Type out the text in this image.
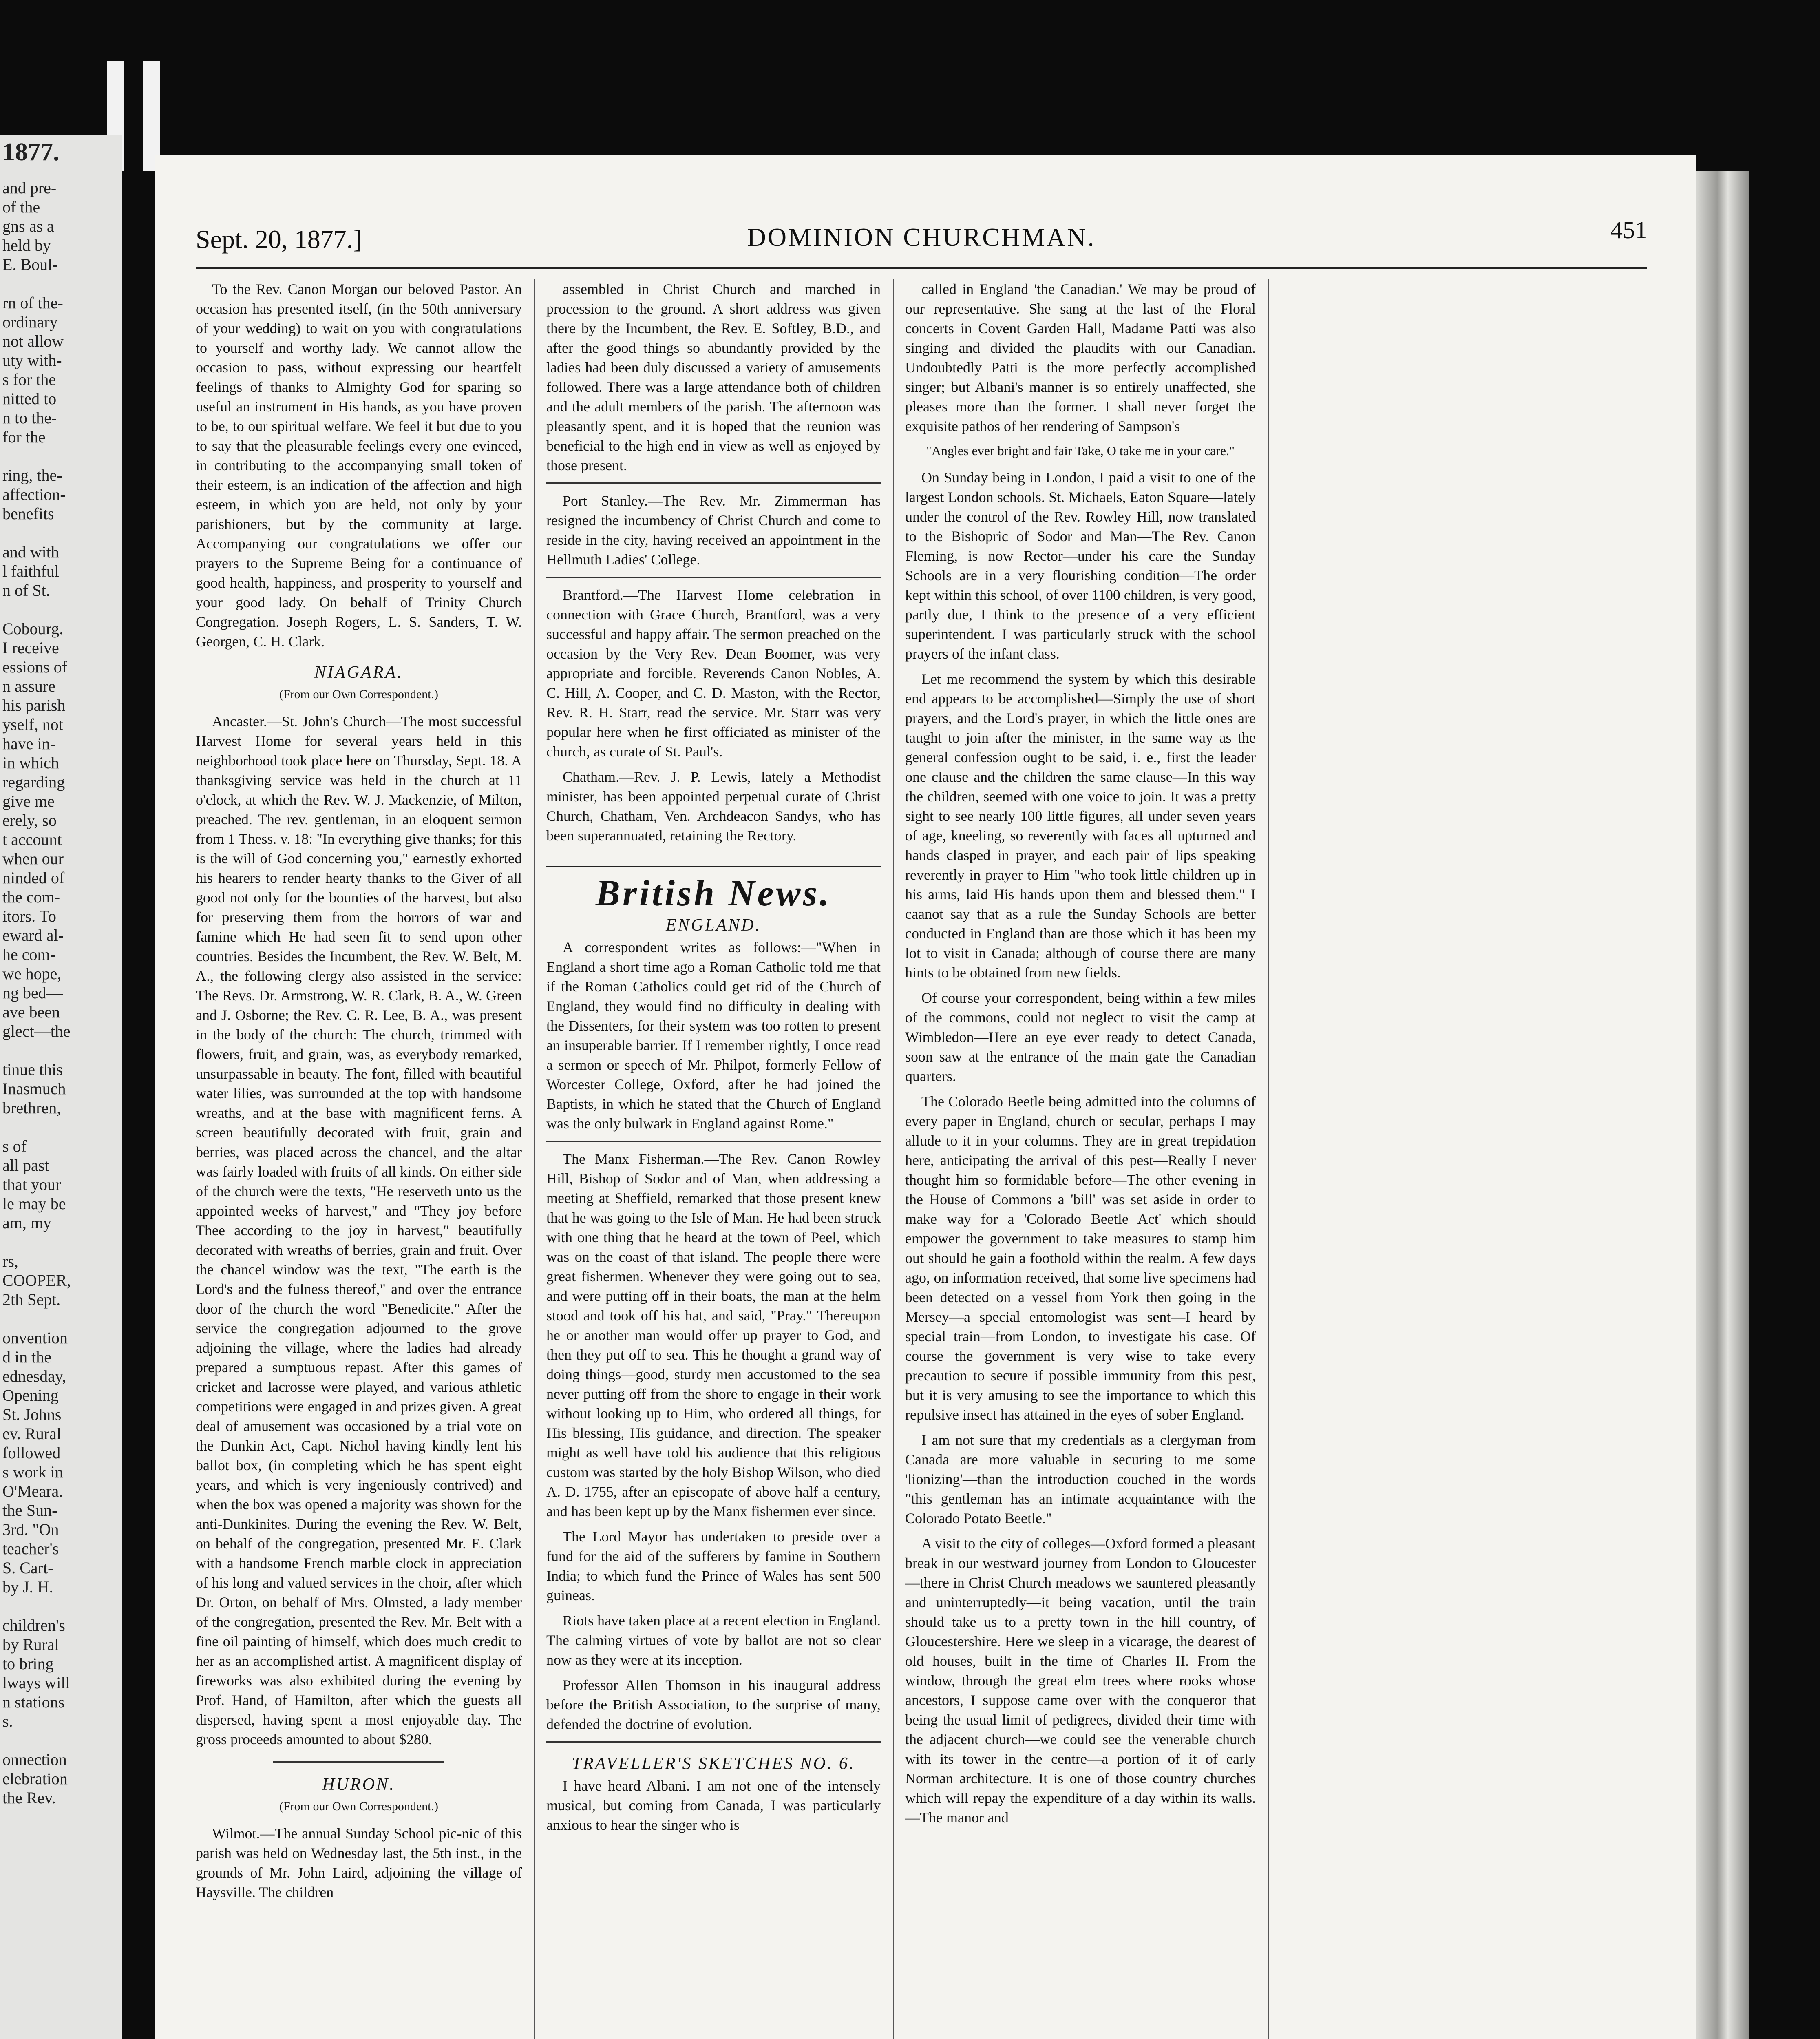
1877.
and pre-
of the
gns as a
held by
E. Boul-

rn of the-
ordinary
not allow
uty with-
s for the
nitted to
n to the-
for the

ring, the-
affection-
benefits

and with
l faithful
n of St.

Cobourg.
I receive
essions of
n assure
his parish
yself, not
have in-
in which
regarding
give me
erely, so
t account
when our
ninded of
the com-
itors. To
eward al-
he com-
we hope,
ng bed—
ave been
glect—the

tinue this
Inasmuch
brethren,

s of
all past
that your
le may be
am, my

rs,
COOPER,
2th Sept.

onvention
d in the
ednesday,
Opening
St. Johns
ev. Rural
followed
s work in
O'Meara.
the Sun-
3rd. "On
teacher's
S. Cart-
by J. H.

children's
by Rural
to bring
lways will
n stations
s.

onnection
elebration
the Rev.
Sept. 20, 1877.]	DOMINION CHURCHMAN.	451

To the Rev. Canon Morgan our beloved Pastor. An occasion has presented itself, (in the 50th anniversary of your wedding) to wait on you with congratulations to yourself and worthy lady. We cannot allow the occasion to pass, without expressing our heartfelt feelings of thanks to Almighty God for sparing so useful an instrument in His hands, as you have proven to be, to our spiritual welfare. We feel it but due to you to say that the pleasurable feelings every one evinced, in contributing to the accompanying small token of their esteem, is an indication of the affection and high esteem, in which you are held, not only by your parishioners, but by the community at large. Accompanying our congratulations we offer our prayers to the Supreme Being for a continuance of good health, happiness, and prosperity to yourself and your good lady. On behalf of Trinity Church Congregation. Joseph Rogers, L. S. Sanders, T. W. Georgen, C. H. Clark.

NIAGARA.

(From our Own Correspondent.)

Ancaster.—St. John's Church—The most successful Harvest Home for several years held in this neighborhood took place here on Thursday, Sept. 18. A thanksgiving service was held in the church at 11 o'clock, at which the Rev. W. J. Mackenzie, of Milton, preached. The rev. gentleman, in an eloquent sermon from 1 Thess. v. 18: "In everything give thanks; for this is the will of God concerning you," earnestly exhorted his hearers to render hearty thanks to the Giver of all good not only for the bounties of the harvest, but also for preserving them from the horrors of war and famine which He had seen fit to send upon other countries. Besides the Incumbent, the Rev. W. Belt, M. A., the following clergy also assisted in the service: The Revs. Dr. Armstrong, W. R. Clark, B. A., W. Green and J. Osborne; the Rev. C. R. Lee, B. A., was present in the body of the church: The church, trimmed with flowers, fruit, and grain, was, as everybody remarked, unsurpassable in beauty. The font, filled with beautiful water lilies, was surrounded at the top with handsome wreaths, and at the base with magnificent ferns. A screen beautifully decorated with fruit, grain and berries, was placed across the chancel, and the altar was fairly loaded with fruits of all kinds. On either side of the church were the texts, "He reserveth unto us the appointed weeks of harvest," and "They joy before Thee according to the joy in harvest," beautifully decorated with wreaths of berries, grain and fruit. Over the chancel window was the text, "The earth is the Lord's and the fulness thereof," and over the entrance door of the church the word "Benedicite." After the service the congregation adjourned to the grove adjoining the village, where the ladies had already prepared a sumptuous repast. After this games of cricket and lacrosse were played, and various athletic competitions were engaged in and prizes given. A great deal of amusement was occasioned by a trial vote on the Dunkin Act, Capt. Nichol having kindly lent his ballot box, (in completing which he has spent eight years, and which is very ingeniously contrived) and when the box was opened a majority was shown for the anti-Dunkinites. During the evening the Rev. W. Belt, on behalf of the congregation, presented Mr. E. Clark with a handsome French marble clock in appreciation of his long and valued services in the choir, after which Dr. Orton, on behalf of Mrs. Olmsted, a lady member of the congregation, presented the Rev. Mr. Belt with a fine oil painting of himself, which does much credit to her as an accomplished artist. A magnificent display of fireworks was also exhibited during the evening by Prof. Hand, of Hamilton, after which the guests all dispersed, having spent a most enjoyable day. The gross proceeds amounted to about $280.

HURON.

(From our Own Correspondent.)

Wilmot.—The annual Sunday School pic-nic of this parish was held on Wednesday last, the 5th inst., in the grounds of Mr. John Laird, adjoining the village of Haysville. The children

assembled in Christ Church and marched in procession to the ground. A short address was given there by the Incumbent, the Rev. E. Softley, B.D., and after the good things so abundantly provided by the ladies had been duly discussed a variety of amusements followed. There was a large attendance both of children and the adult members of the parish. The afternoon was pleasantly spent, and it is hoped that the reunion was beneficial to the high end in view as well as enjoyed by those present.

Port Stanley.—The Rev. Mr. Zimmerman has resigned the incumbency of Christ Church and come to reside in the city, having received an appointment in the Hellmuth Ladies' College.

Brantford.—The Harvest Home celebration in connection with Grace Church, Brantford, was a very successful and happy affair. The sermon preached on the occasion by the Very Rev. Dean Boomer, was very appropriate and forcible. Reverends Canon Nobles, A. C. Hill, A. Cooper, and C. D. Maston, with the Rector, Rev. R. H. Starr, read the service. Mr. Starr was very popular here when he first officiated as minister of the church, as curate of St. Paul's.

Chatham.—Rev. J. P. Lewis, lately a Methodist minister, has been appointed perpetual curate of Christ Church, Chatham, Ven. Archdeacon Sandys, who has been superannuated, retaining the Rectory.

British News.

ENGLAND.

A correspondent writes as follows:—"When in England a short time ago a Roman Catholic told me that if the Roman Catholics could get rid of the Church of England, they would find no difficulty in dealing with the Dissenters, for their system was too rotten to present an insuperable barrier. If I remember rightly, I once read a sermon or speech of Mr. Philpot, formerly Fellow of Worcester College, Oxford, after he had joined the Baptists, in which he stated that the Church of England was the only bulwark in England against Rome."

The Manx Fisherman.—The Rev. Canon Rowley Hill, Bishop of Sodor and of Man, when addressing a meeting at Sheffield, remarked that those present knew that he was going to the Isle of Man. He had been struck with one thing that he heard at the town of Peel, which was on the coast of that island. The people there were great fishermen. Whenever they were going out to sea, and were putting off in their boats, the man at the helm stood and took off his hat, and said, "Pray." Thereupon he or another man would offer up prayer to God, and then they put off to sea. This he thought a grand way of doing things—good, sturdy men accustomed to the sea never putting off from the shore to engage in their work without looking up to Him, who ordered all things, for His blessing, His guidance, and direction. The speaker might as well have told his audience that this religious custom was started by the holy Bishop Wilson, who died A. D. 1755, after an episcopate of above half a century, and has been kept up by the Manx fishermen ever since.

The Lord Mayor has undertaken to preside over a fund for the aid of the sufferers by famine in Southern India; to which fund the Prince of Wales has sent 500 guineas.

Riots have taken place at a recent election in England. The calming virtues of vote by ballot are not so clear now as they were at its inception.

Professor Allen Thomson in his inaugural address before the British Association, to the surprise of many, defended the doctrine of evolution.

TRAVELLER'S SKETCHES NO. 6.

I have heard Albani. I am not one of the intensely musical, but coming from Canada, I was particularly anxious to hear the singer who is

called in England 'the Canadian.' We may be proud of our representative. She sang at the last of the Floral concerts in Covent Garden Hall, Madame Patti was also singing and divided the plaudits with our Canadian. Undoubtedly Patti is the more perfectly accomplished singer; but Albani's manner is so entirely unaffected, she pleases more than the former. I shall never forget the exquisite pathos of her rendering of Sampson's

"Angles ever bright and fair Take, O take me in your care."

On Sunday being in London, I paid a visit to one of the largest London schools. St. Michaels, Eaton Square—lately under the control of the Rev. Rowley Hill, now translated to the Bishopric of Sodor and Man—The Rev. Canon Fleming, is now Rector—under his care the Sunday Schools are in a very flourishing condition—The order kept within this school, of over 1100 children, is very good, partly due, I think to the presence of a very efficient superintendent. I was particularly struck with the school prayers of the infant class.

Let me recommend the system by which this desirable end appears to be accomplished—Simply the use of short prayers, and the Lord's prayer, in which the little ones are taught to join after the minister, in the same way as the general confession ought to be said, i. e., first the leader one clause and the children the same clause—In this way the children, seemed with one voice to join. It was a pretty sight to see nearly 100 little figures, all under seven years of age, kneeling, so reverently with faces all upturned and hands clasped in prayer, and each pair of lips speaking reverently in prayer to Him "who took little children up in his arms, laid His hands upon them and blessed them." I caanot say that as a rule the Sunday Schools are better conducted in England than are those which it has been my lot to visit in Canada; although of course there are many hints to be obtained from new fields.

Of course your correspondent, being within a few miles of the commons, could not neglect to visit the camp at Wimbledon—Here an eye ever ready to detect Canada, soon saw at the entrance of the main gate the Canadian quarters.

The Colorado Beetle being admitted into the columns of every paper in England, church or secular, perhaps I may allude to it in your columns. They are in great trepidation here, anticipating the arrival of this pest—Really I never thought him so formidable before—The other evening in the House of Commons a 'bill' was set aside in order to make way for a 'Colorado Beetle Act' which should empower the government to take measures to stamp him out should he gain a foothold within the realm. A few days ago, on information received, that some live specimens had been detected on a vessel from York then going in the Mersey—a special entomologist was sent—I heard by special train—from London, to investigate his case. Of course the government is very wise to take every precaution to secure if possible immunity from this pest, but it is very amusing to see the importance to which this repulsive insect has attained in the eyes of sober England.

I am not sure that my credentials as a clergyman from Canada are more valuable in securing to me some 'lionizing'—than the introduction couched in the words "this gentleman has an intimate acquaintance with the Colorado Potato Beetle."

A visit to the city of colleges—Oxford formed a pleasant break in our westward journey from London to Gloucester—there in Christ Church meadows we sauntered pleasantly and uninterruptedly—it being vacation, until the train should take us to a pretty town in the hill country, of Gloucestershire. Here we sleep in a vicarage, the dearest of old houses, built in the time of Charles II. From the window, through the great elm trees where rooks whose ancestors, I suppose came over with the conqueror that being the usual limit of pedigrees, divided their time with the adjacent church—we could see the venerable church with its tower in the centre—a portion of it of early Norman architecture. It is one of those country churches which will repay the expenditure of a day within its walls.—The manor and
